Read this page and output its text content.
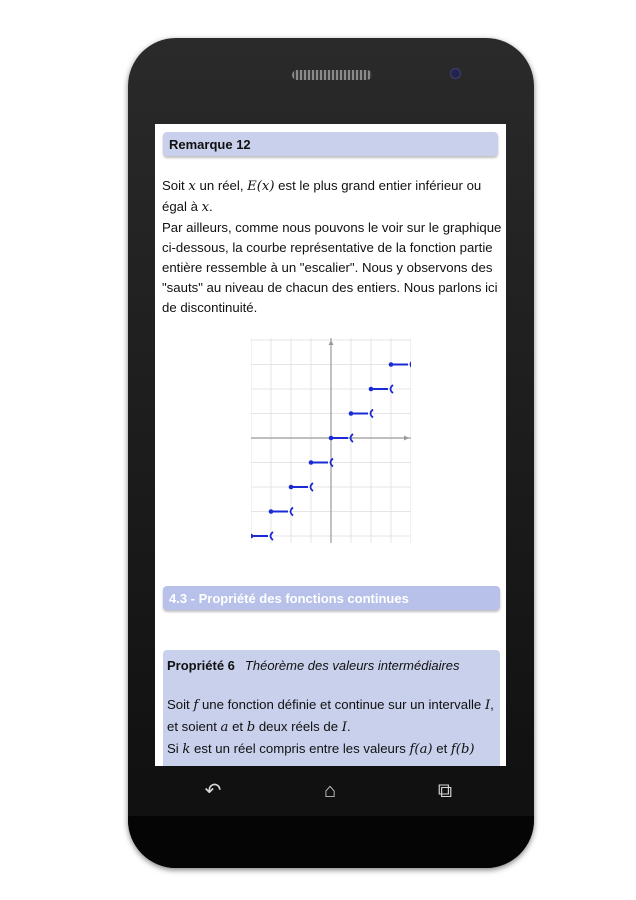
Remarque 12

Soit x un réel, E(x) est le plus grand entier inférieur ou égal à x.

Par ailleurs, comme nous pouvons le voir sur le graphique ci-dessous, la courbe représentative de la fonction partie entière ressemble à un "escalier". Nous y observons des "sauts" au niveau de chacun des entiers. Nous parlons ici de discontinuité.

4.3 - Propriété des fonctions continues
Propriété 6 Théorème des valeurs intermédiaires

Soit f une fonction définie et continue sur un intervalle I, et soient a et b deux réels de I.

Si k est un réel compris entre les valeurs f(a) et f(b)

↶	⌂	⧉
